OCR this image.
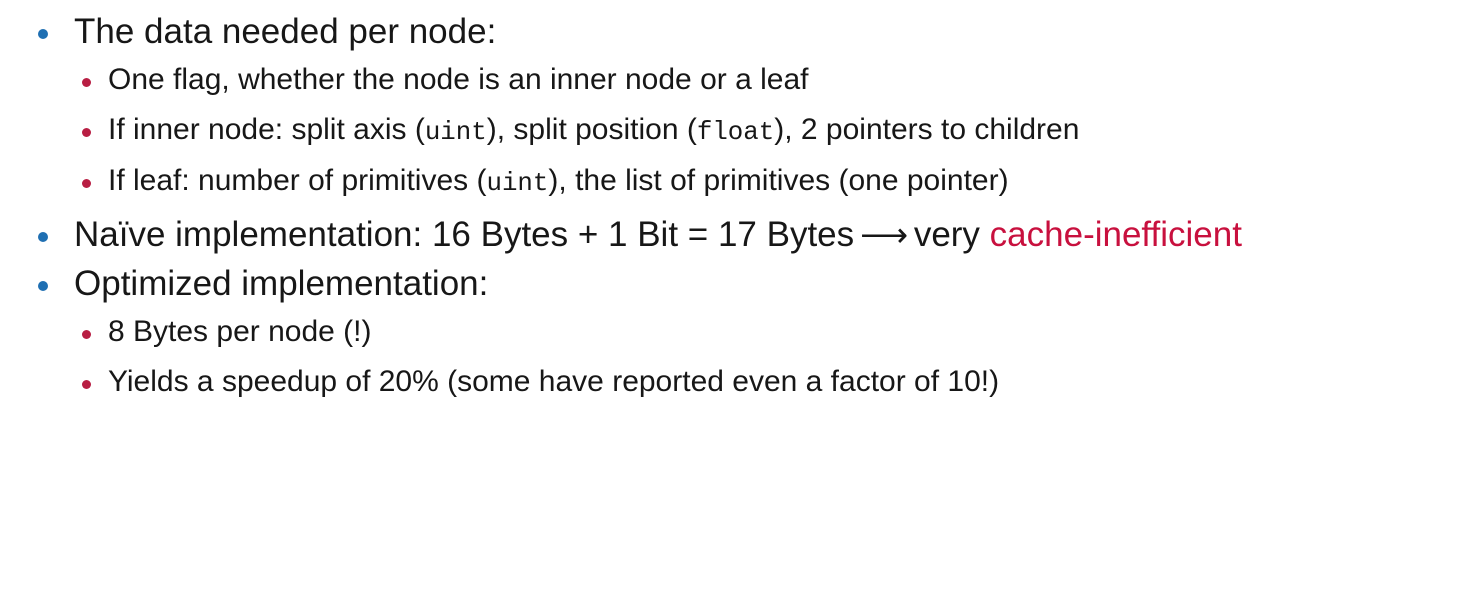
The data needed per node:
One flag, whether the node is an inner node or a leaf
If inner node: split axis (uint), split position (float), 2 pointers to children
If leaf: number of primitives (uint), the list of primitives (one pointer)
Naïve implementation: 16 Bytes + 1 Bit = 17 Bytes ⟶ very cache-inefficient
Optimized implementation:
8 Bytes per node (!)
Yields a speedup of 20% (some have reported even a factor of 10!)
